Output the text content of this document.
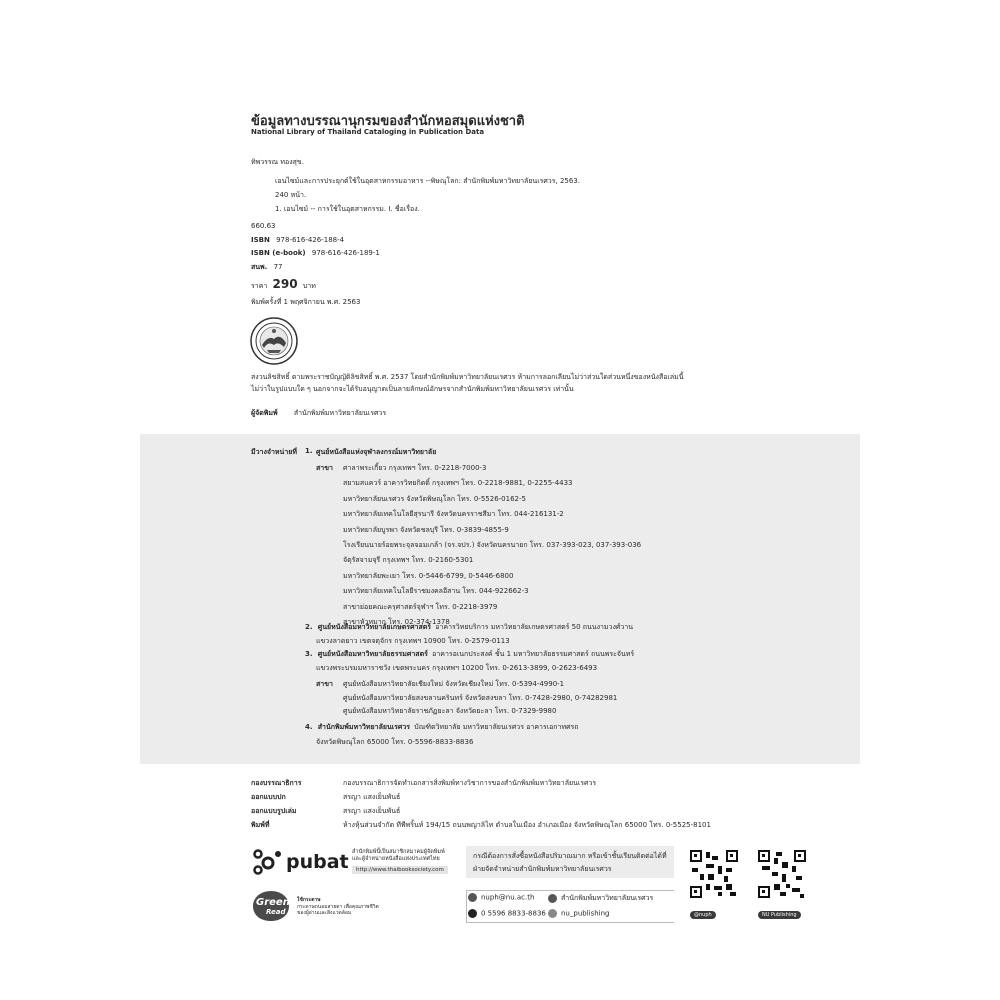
ข้อมูลทางบรรณานุกรมของสำนักหอสมุดแห่งชาติ
National Library of Thailand Cataloging in Publication Data
ทิพวรรณ ทองสุข.
เอนไซม์และการประยุกต์ใช้ในอุตสาหกรรมอาหาร --พิษณุโลก: สำนักพิมพ์มหาวิทยาลัยนเรศวร, 2563.
240 หน้า.
1. เอนไซม์ -- การใช้ในอุตสาหกรรม. I. ชื่อเรื่อง.
660.63
ISBN 978-616-426-188-4
ISBN (e-book) 978-616-426-189-1
สนพ. 77
ราคา 290 บาท
พิมพ์ครั้งที่ 1 พฤศจิกายน พ.ศ. 2563
สงวนลิขสิทธิ์ ตามพระราชบัญญัติลิขสิทธิ์ พ.ศ. 2537 โดยสำนักพิมพ์มหาวิทยาลัยนเรศวร ห้ามการลอกเลียนไม่ว่าส่วนใดส่วนหนึ่งของหนังสือเล่มนี้
ไม่ว่าในรูปแบบใด ๆ นอกจากจะได้รับอนุญาตเป็นลายลักษณ์อักษรจากสำนักพิมพ์มหาวิทยาลัยนเรศวร เท่านั้น
ผู้จัดพิมพ์ สำนักพิมพ์มหาวิทยาลัยนเรศวร
มีวางจำหน่ายที่ 1. ศูนย์หนังสือแห่งจุฬาลงกรณ์มหาวิทยาลัย
สาขา ศาลาพระเกี้ยว กรุงเทพฯ โทร. 0-2218-7000-3
สยามสแควร์ อาคารวิทยกิตติ์ กรุงเทพฯ โทร. 0-2218-9881, 0-2255-4433
มหาวิทยาลัยนเรศวร จังหวัดพิษณุโลก โทร. 0-5526-0162-5
มหาวิทยาลัยเทคโนโลยีสุรนารี จังหวัดนครราชสีมา โทร. 044-216131-2
มหาวิทยาลัยบูรพา จังหวัดชลบุรี โทร. 0-3839-4855-9
โรงเรียนนายร้อยพระจุลจอมเกล้า (จร.จปร.) จังหวัดนครนายก โทร. 037-393-023, 037-393-036
จัตุรัสจามจุรี กรุงเทพฯ โทร. 0-2160-5301
มหาวิทยาลัยพะเยา โทร. 0-5446-6799, 0-5446-6800
มหาวิทยาลัยเทคโนโลยีราชมงคลอีสาน โทร. 044-922662-3
สาขาย่อยคณะครุศาสตร์จุฬาฯ โทร. 0-2218-3979
สาขาหัวหมาก โทร. 02-374-1378
2. ศูนย์หนังสือมหาวิทยาลัยเกษตรศาสตร์ อาคารวิทยบริการ มหาวิทยาลัยเกษตรศาสตร์ 50 ถนนงามวงศ์วาน
แขวงลาดยาว เขตจตุจักร กรุงเทพฯ 10900 โทร. 0-2579-0113
3. ศูนย์หนังสือมหาวิทยาลัยธรรมศาสตร์ อาคารอเนกประสงค์ ชั้น 1 มหาวิทยาลัยธรรมศาสตร์ ถนนพระจันทร์
แขวงพระบรมมหาราชวัง เขตพระนคร กรุงเทพฯ 10200 โทร. 0-2613-3899, 0-2623-6493
สาขา ศูนย์หนังสือมหาวิทยาลัยเชียงใหม่ จังหวัดเชียงใหม่ โทร. 0-5394-4990-1
ศูนย์หนังสือมหาวิทยาลัยสงขลานครินทร์ จังหวัดสงขลา โทร. 0-7428-2980, 0-74282981
ศูนย์หนังสือมหาวิทยาลัยราชภัฏยะลา จังหวัดยะลา โทร. 0-7329-9980
4. สำนักพิมพ์มหาวิทยาลัยนเรศวร บัณฑิตวิทยาลัย มหาวิทยาลัยนเรศวร อาคารเอกาทศรถ
จังหวัดพิษณุโลก 65000 โทร. 0-5596-8833-8836
กองบรรณาธิการ	กองบรรณาธิการจัดทำเอกสารสิ่งพิมพ์ทางวิชาการของสำนักพิมพ์มหาวิทยาลัยนเรศวร
ออกแบบปก	สรญา แสงเย็นพันธ์
ออกแบบรูปเล่ม	สรญา แสงเย็นพันธ์
พิมพ์ที่	ห้างหุ้นส่วนจำกัด ทีพีพริ้นท์ 194/15 ถนนพญาลิไท ตำบลในเมือง อำเภอเมือง จังหวัดพิษณุโลก 65000 โทร. 0-5525-8101
pubat สำนักพิมพ์นี้เป็นสมาชิกสมาคมผู้จัดพิมพ์
และผู้จำหน่ายหนังสือแห่งประเทศไทย
http://www.thaibooksociety.com
Green
Read
ใช้กระดาษ
กระดาษถนอมสายตา เพื่อคุณภาพชีวิต
ของผู้อ่านและสิ่งแวดล้อม
กรณีต้องการสั่งซื้อหนังสือปริมาณมาก หรือเข้าชั้นเรียนติดต่อได้ที่
ฝ่ายจัดจำหน่ายสำนักพิมพ์มหาวิทยาลัยนเรศวร
nuph@nu.ac.th	สำนักพิมพ์มหาวิทยาลัยนเรศวร
0 5596 8833-8836	nu_publishing	@nuph	NU Publishing
